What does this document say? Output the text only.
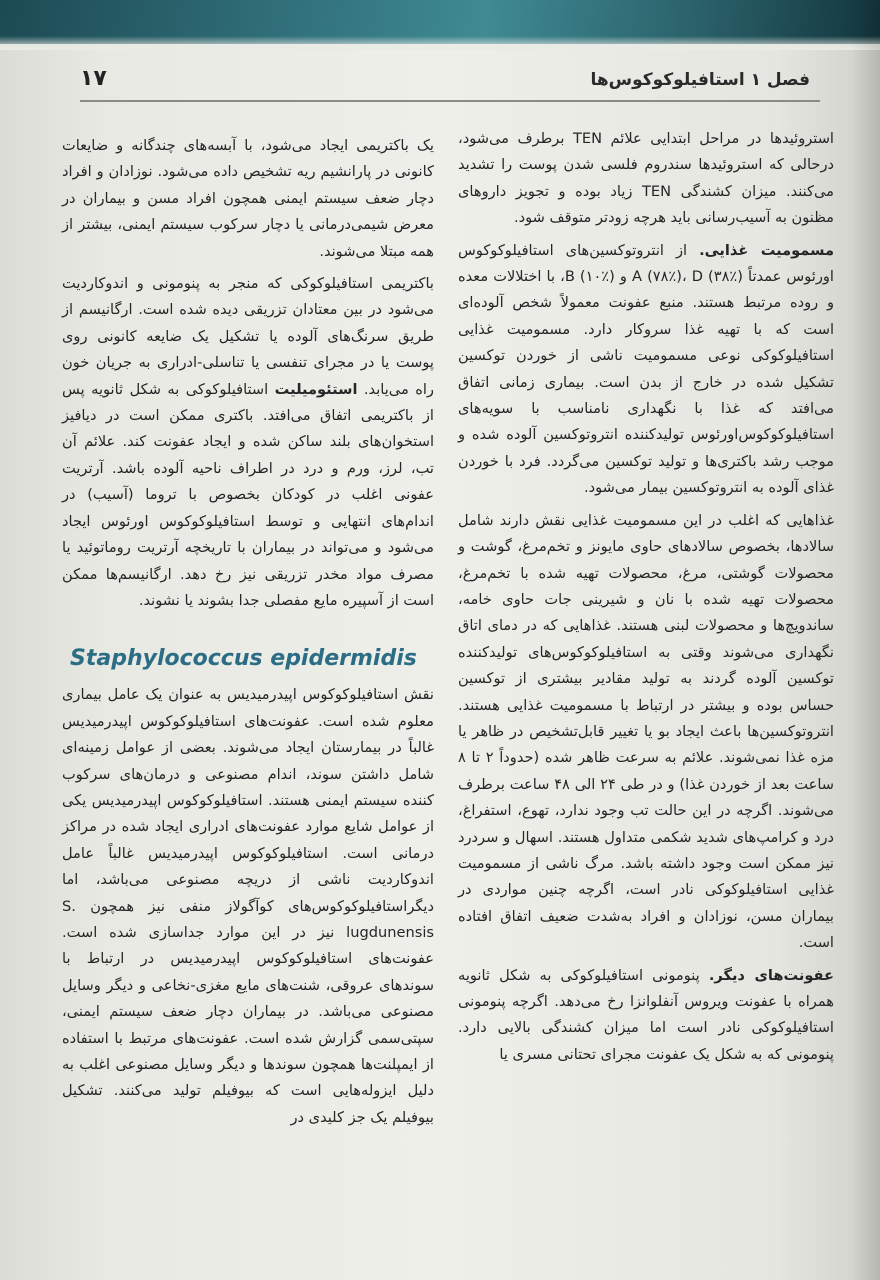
فصل ۱ استافیلوکوکوس‌ها
۱۷

استروئیدها در مراحل ابتدایی علائم TEN برطرف می‌شود، درحالی که استروئیدها سندروم فلسی شدن پوست را تشدید می‌کنند. میزان کشندگی TEN زیاد بوده و تجویز داروهای مظنون به آسیب‌رسانی باید هرچه زودتر متوقف شود.

مسمومیت غذایی. از انتروتوکسین‌های استافیلوکوکوس اورئوس عمدتاً A (۷۸٪)، D (۳۸٪) و B (۱۰٪)، با اختلالات معده و روده مرتبط هستند. منبع عفونت معمولاً شخص آلوده‌ای است که با تهیه غذا سروکار دارد. مسمومیت غذایی استافیلوکوکی نوعی مسمومیت ناشی از خوردن توکسین تشکیل شده در خارج از بدن است. بیماری زمانی اتفاق می‌افتد که غذا با نگهداری نامناسب با سویه‌های استافیلوکوکوس‌اورئوس تولیدکننده انتروتوکسین آلوده شده و موجب رشد باکتری‌ها و تولید توکسین می‌گردد. فرد با خوردن غذای آلوده به انتروتوکسین بیمار می‌شود.

غذاهایی که اغلب در این مسمومیت غذایی نقش دارند شامل سالادها، بخصوص سالادهای حاوی مایونز و تخم‌مرغ، گوشت و محصولات گوشتی، مرغ، محصولات تهیه شده با تخم‌مرغ، محصولات تهیه شده با نان و شیرینی جات حاوی خامه، ساندویچ‌ها و محصولات لبنی هستند. غذاهایی که در دمای اتاق نگهداری می‌شوند وقتی به استافیلوکوکوس‌های تولیدکننده توکسین آلوده گردند به تولید مقادیر بیشتری از توکسین حساس بوده و بیشتر در ارتباط با مسمومیت غذایی هستند. انتروتوکسین‌ها باعث ایجاد بو یا تغییر قابل‌تشخیص در ظاهر یا مزه غذا نمی‌شوند. علائم به سرعت ظاهر شده (حدوداً ۲ تا ۸ ساعت بعد از خوردن غذا) و در طی ۲۴ الی ۴۸ ساعت برطرف می‌شوند. اگرچه در این حالت تب وجود ندارد، تهوع، استفراغ، درد و کرامپ‌های شدید شکمی متداول هستند. اسهال و سردرد نیز ممکن است وجود داشته باشد. مرگ ناشی از مسمومیت غذایی استافیلوکوکی نادر است، اگرچه چنین مواردی در بیماران مسن، نوزادان و افراد به‌شدت ضعیف اتفاق افتاده است.

عفونت‌های دیگر. پنومونی استافیلوکوکی به شکل ثانویه همراه با عفونت ویروس آنفلوانزا رخ می‌دهد. اگرچه پنومونی استافیلوکوکی نادر است اما میزان کشندگی بالایی دارد. پنومونی که به شکل یک عفونت مجرای تحتانی مسری یا

یک باکتریمی ایجاد می‌شود، با آبسه‌های چندگانه و ضایعات کانونی در پارانشیم ریه تشخیص داده می‌شود. نوزادان و افراد دچار ضعف سیستم ایمنی همچون افراد مسن و بیماران در معرض شیمی‌درمانی یا دچار سرکوب سیستم ایمنی، بیشتر از همه مبتلا می‌شوند.

باکتریمی استافیلوکوکی که منجر به پنومونی و اندوکاردیت می‌شود در بین معتادان تزریقی دیده شده است. ارگانیسم از طریق سرنگ‌های آلوده یا تشکیل یک ضایعه کانونی روی پوست یا در مجرای تنفسی یا تناسلی-ادراری به جریان خون راه می‌یابد. استئومیلیت استافیلوکوکی به شکل ثانویه پس از باکتریمی اتفاق می‌افتد. باکتری ممکن است در دیافیز استخوان‌های بلند ساکن شده و ایجاد عفونت کند. علائم آن تب، لرز، ورم و درد در اطراف ناحیه آلوده باشد. آرتریت عفونی اغلب در کودکان بخصوص با تروما (آسیب) در اندام‌های انتهایی و توسط استافیلوکوکوس اورئوس ایجاد می‌شود و می‌تواند در بیماران با تاریخچه آرتریت روماتوئید یا مصرف مواد مخدر تزریقی نیز رخ دهد. ارگانیسم‌ها ممکن است از آسپیره مایع مفصلی جدا بشوند یا نشوند.

Staphylococcus epidermidis

نقش استافیلوکوکوس اپیدرمیدیس به عنوان یک عامل بیماری معلوم شده است. عفونت‌های استافیلوکوکوس اپیدرمیدیس غالباً در بیمارستان ایجاد می‌شوند. بعضی از عوامل زمینه‌ای شامل داشتن سوند، اندام مصنوعی و درمان‌های سرکوب کننده سیستم ایمنی هستند. استافیلوکوکوس اپیدرمیدیس یکی از عوامل شایع موارد عفونت‌های ادراری ایجاد شده در مراکز درمانی است. استافیلوکوکوس اپیدرمیدیس غالباً عامل اندوکاردیت ناشی از دریچه مصنوعی می‌باشد، اما دیگراستافیلوکوکوس‌های کوآگولاز منفی نیز همچون S. lugdunensis نیز در این موارد جداسازی شده است. عفونت‌های استافیلوکوکوس اپیدرمیدیس در ارتباط با سوندهای عروقی، شنت‌های مایع مغزی-نخاعی و دیگر وسایل مصنوعی می‌باشد. در بیماران دچار ضعف سیستم ایمنی، سپتی‌سمی گزارش شده است. عفونت‌های مرتبط با استفاده از ایمپلنت‌ها همچون سوندها و دیگر وسایل مصنوعی اغلب به دلیل ایزوله‌هایی است که بیوفیلم تولید می‌کنند. تشکیل بیوفیلم یک جز کلیدی در
